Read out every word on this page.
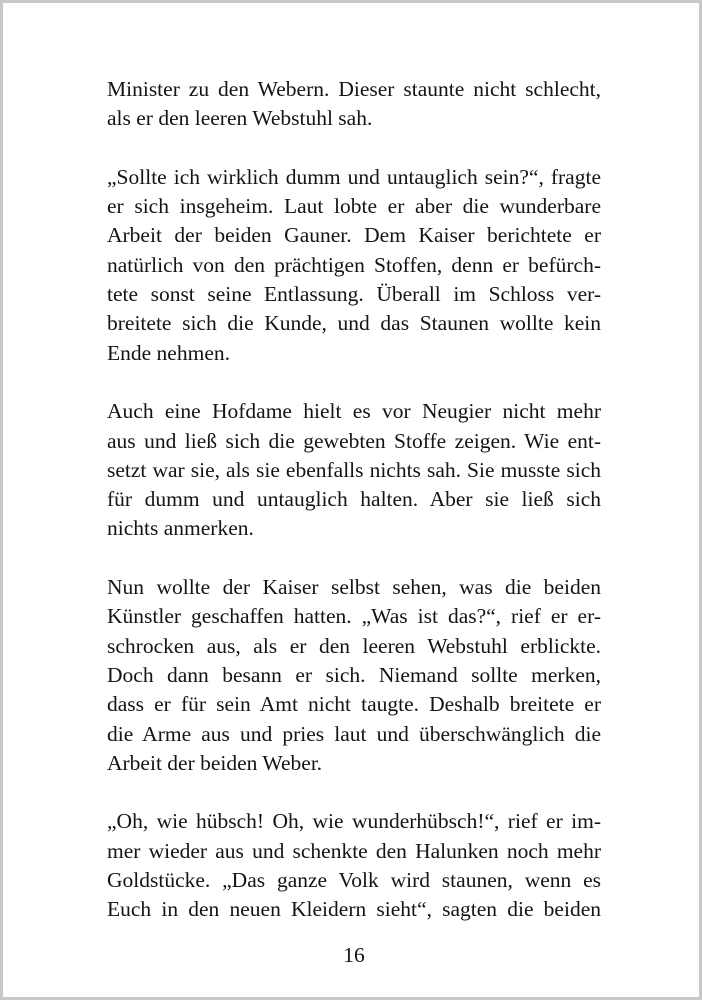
Minister zu den Webern. Dieser staunte nicht schlecht,
als er den leeren Webstuhl sah.

„Sollte ich wirklich dumm und untauglich sein?“, fragte
er sich insgeheim. Laut lobte er aber die wunderbare
Arbeit der beiden Gauner. Dem Kaiser berichtete er
natürlich von den prächtigen Stoffen, denn er befürch-
tete sonst seine Entlassung. Überall im Schloss ver-
breitete sich die Kunde, und das Staunen wollte kein
Ende nehmen.

Auch eine Hofdame hielt es vor Neugier nicht mehr
aus und ließ sich die gewebten Stoffe zeigen. Wie ent-
setzt war sie, als sie ebenfalls nichts sah. Sie musste sich
für dumm und untauglich halten. Aber sie ließ sich
nichts anmerken.

Nun wollte der Kaiser selbst sehen, was die beiden
Künstler geschaffen hatten. „Was ist das?“, rief er er-
schrocken aus, als er den leeren Webstuhl erblickte.
Doch dann besann er sich. Niemand sollte merken,
dass er für sein Amt nicht taugte. Deshalb breitete er
die Arme aus und pries laut und überschwänglich die
Arbeit der beiden Weber.

„Oh, wie hübsch! Oh, wie wunderhübsch!“, rief er im-
mer wieder aus und schenkte den Halunken noch mehr
Goldstücke. „Das ganze Volk wird staunen, wenn es
Euch in den neuen Kleidern sieht“, sagten die beiden

16
